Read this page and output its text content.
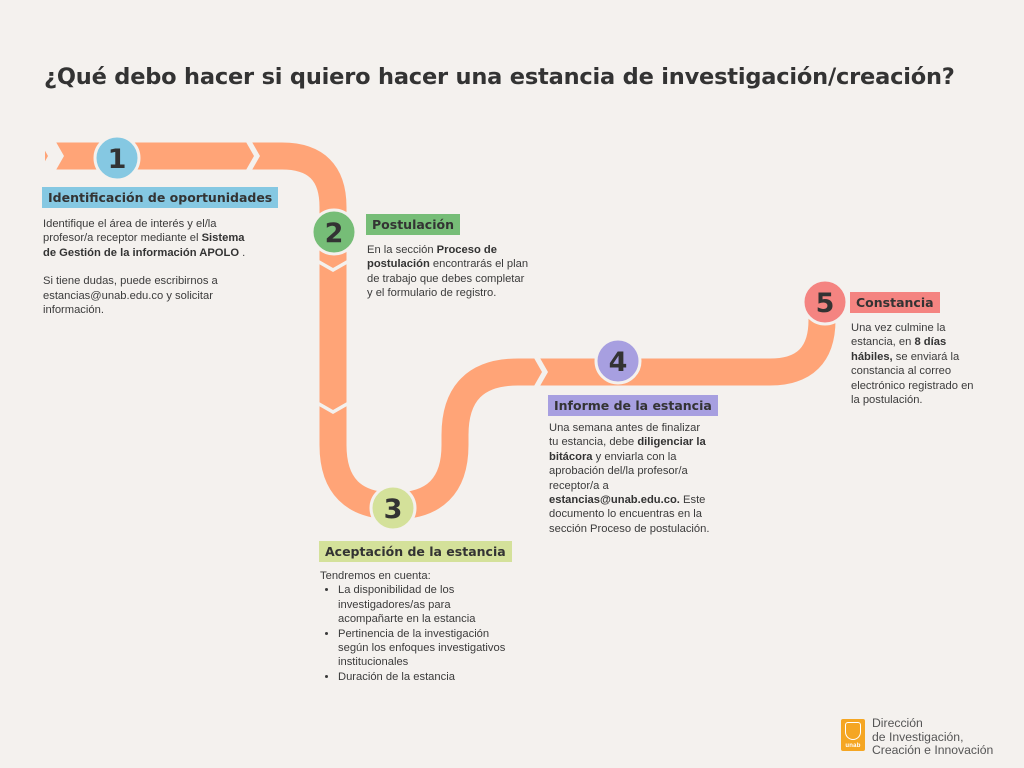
¿Qué debo hacer si quiero hacer una estancia de investigación/creación?
1
2
3
4
5
Identificación de oportunidades
Postulación
Aceptación de la estancia
Informe de la estancia
Constancia

Identifique el área de interés y el/la profesor/a receptor mediante el Sistema de Gestión de la información APOLO .

Si tiene dudas, puede escribirnos a estancias@unab.edu.co y solicitar información.

En la sección Proceso de postulación encontrarás el plan de trabajo que debes completar y el formulario de registro.

Tendremos en cuenta:

• La disponibilidad de los investigadores/as para acompañarte en la estancia
• Pertinencia de la investigación según los enfoques investigativos institucionales
• Duración de la estancia

Una semana antes de finalizar tu estancia, debe diligenciar la bitácora y enviarla con la aprobación del/la profesor/a receptor/a a estancias@unab.edu.co. Este documento lo encuentras en la sección Proceso de postulación.

Una vez culmine la estancia, en 8 días hábiles, se enviará la constancia al correo electrónico registrado en la postulación.

unab
Dirección
de Investigación,
Creación e Innovación
